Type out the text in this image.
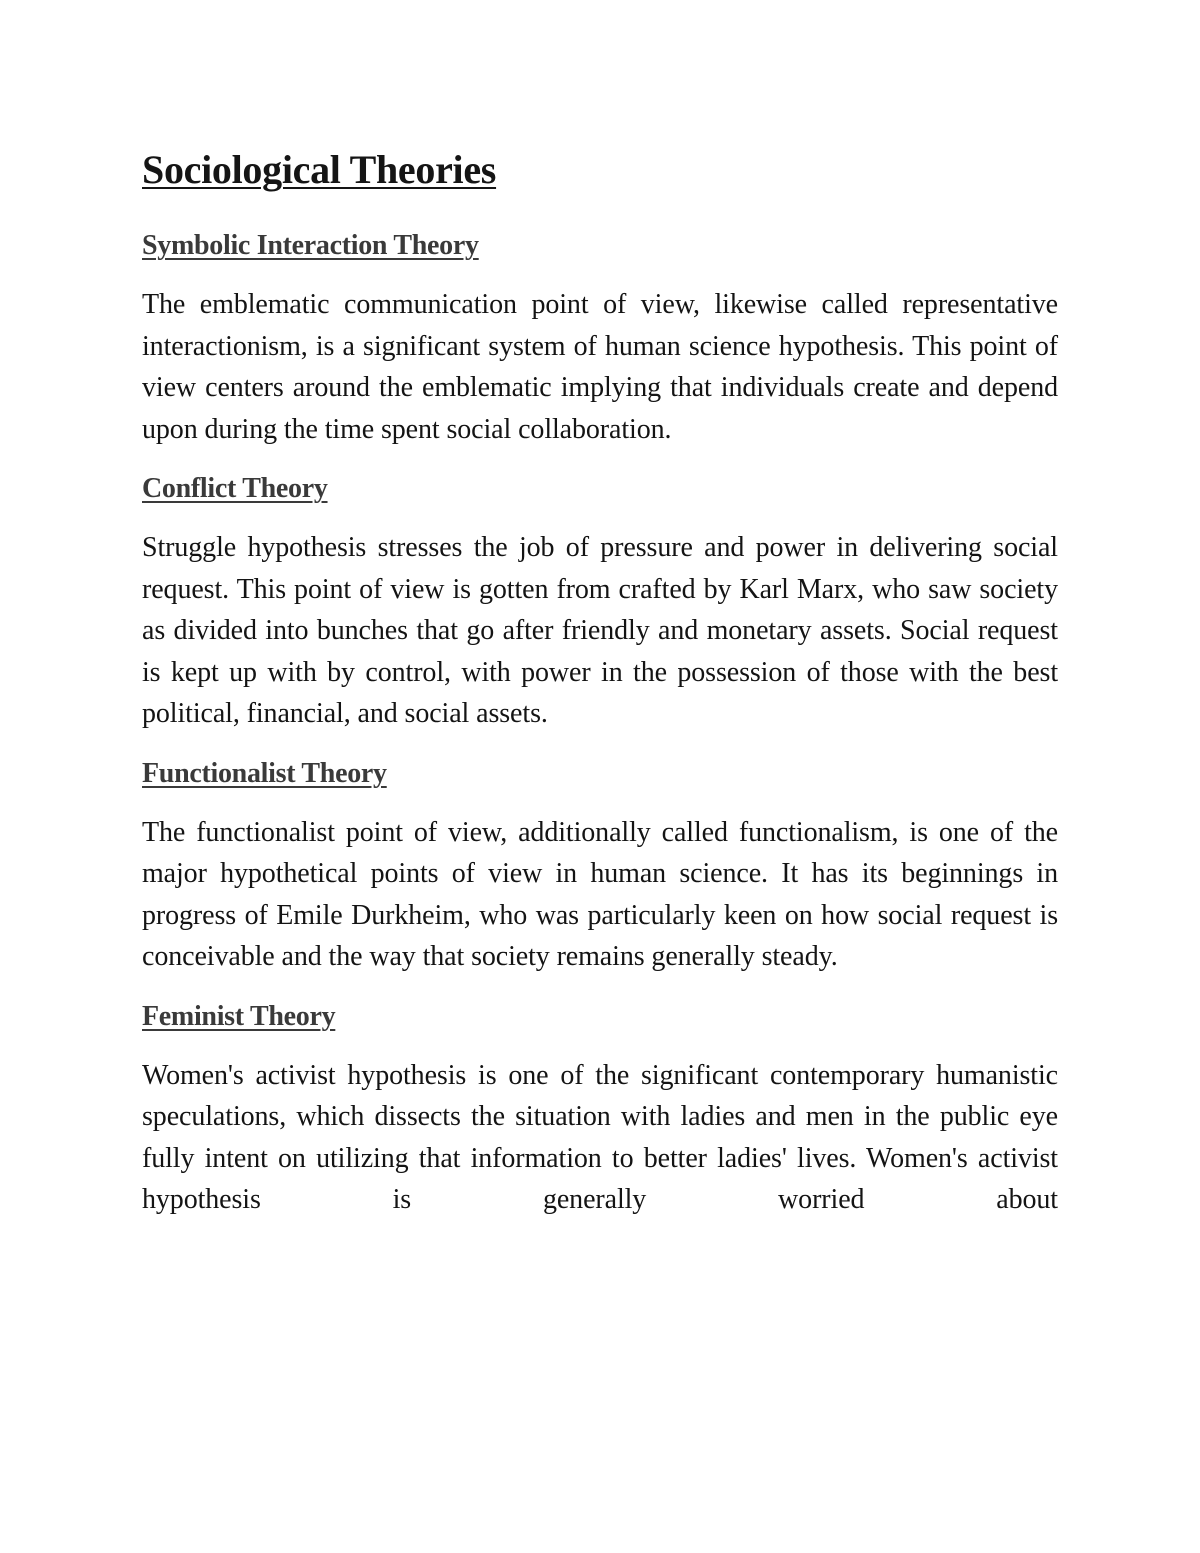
Sociological Theories
Symbolic Interaction Theory

The emblematic communication point of view, likewise called representative interactionism, is a significant system of human science hypothesis. This point of view centers around the emblematic implying that individuals create and depend upon during the time spent social collaboration.

Conflict Theory

Struggle hypothesis stresses the job of pressure and power in delivering social request. This point of view is gotten from crafted by Karl Marx, who saw society as divided into bunches that go after friendly and monetary assets. Social request is kept up with by control, with power in the possession of those with the best political, financial, and social assets.

Functionalist Theory

The functionalist point of view, additionally called functionalism, is one of the major hypothetical points of view in human science. It has its beginnings in progress of Emile Durkheim, who was particularly keen on how social request is conceivable and the way that society remains generally steady.

Feminist Theory

Women's activist hypothesis is one of the significant contemporary humanistic speculations, which dissects the situation with ladies and men in the public eye fully intent on utilizing that information to better ladies' lives. Women's activist hypothesis is generally worried about
